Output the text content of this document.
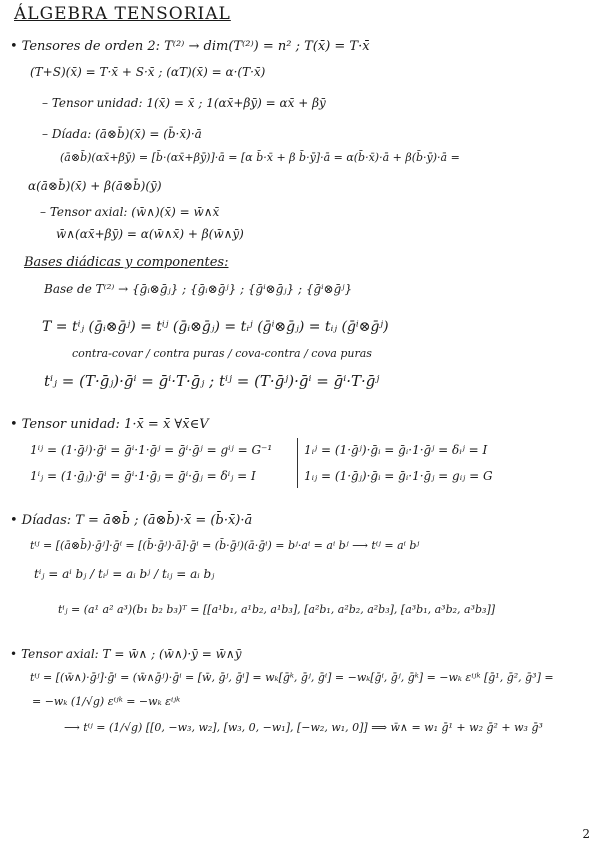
ÁLGEBRA TENSORIAL
• Tensores de orden 2: T⁽²⁾ → dim(T⁽²⁾) = n² ; T(x̄) = T·x̄
(T+S)(x̄) = T·x̄ + S·x̄ ; (αT)(x̄) = α·(T·x̄)
– Tensor unidad: 1(x̄) = x̄ ; 1(αx̄+βȳ) = αx̄ + βȳ
– Díada: (ā⊗b̄)(x̄) = (b̄·x̄)·ā
(ā⊗b̄)(αx̄+βȳ) = [b̄·(αx̄+βȳ)]·ā = [α b̄·x̄ + β b̄·ȳ]·ā = α(b̄·x̄)·ā + β(b̄·ȳ)·ā =
α(ā⊗b̄)(x̄) + β(ā⊗b̄)(ȳ)
– Tensor axial: (w̄∧)(x̄) = w̄∧x̄
w̄∧(αx̄+βȳ) = α(w̄∧x̄) + β(w̄∧ȳ)
Bases diádicas y componentes:
Base de T⁽²⁾ → {ḡᵢ⊗ḡⱼ} ; {ḡᵢ⊗ḡʲ} ; {ḡⁱ⊗ḡⱼ} ; {ḡⁱ⊗ḡʲ}
T = tⁱⱼ (ḡᵢ⊗ḡʲ) = tⁱʲ (ḡᵢ⊗ḡⱼ) = tᵢʲ (ḡⁱ⊗ḡⱼ) = tᵢⱼ (ḡⁱ⊗ḡʲ)
contra-covar / contra puras / cova-contra / cova puras
tⁱⱼ = (T·ḡⱼ)·ḡⁱ = ḡⁱ·T·ḡⱼ ; tⁱʲ = (T·ḡʲ)·ḡⁱ = ḡⁱ·T·ḡʲ
• Tensor unidad: 1·x̄ = x̄ ∀x̄∈V
1ⁱʲ = (1·ḡʲ)·ḡⁱ = ḡⁱ·1·ḡʲ = ḡⁱ·ḡʲ = gⁱʲ = G⁻¹
1ⁱⱼ = (1·ḡⱼ)·ḡⁱ = ḡⁱ·1·ḡⱼ = ḡⁱ·ḡⱼ = δⁱⱼ = I
1ᵢʲ = (1·ḡʲ)·ḡᵢ = ḡᵢ·1·ḡʲ = δᵢʲ = I
1ᵢⱼ = (1·ḡⱼ)·ḡᵢ = ḡᵢ·1·ḡⱼ = gᵢⱼ = G
• Díadas: T = ā⊗b̄ ; (ā⊗b̄)·x̄ = (b̄·x̄)·ā
tⁱʲ = [(ā⊗b̄)·ḡʲ]·ḡⁱ = [(b̄·ḡʲ)·ā]·ḡⁱ = (b̄·ḡʲ)(ā·ḡⁱ) = bʲ·aⁱ = aⁱ bʲ ⟶ tⁱʲ = aⁱ bʲ
tⁱⱼ = aⁱ bⱼ / tᵢʲ = aᵢ bʲ / tᵢⱼ = aᵢ bⱼ
tⁱⱼ = (a¹ a² a³)(b₁ b₂ b₃)ᵀ = [[a¹b₁, a¹b₂, a¹b₃], [a²b₁, a²b₂, a²b₃], [a³b₁, a³b₂, a³b₃]]
• Tensor axial: T = w̄∧ ; (w̄∧)·ȳ = w̄∧ȳ
tⁱʲ = [(w̄∧)·ḡʲ]·ḡⁱ = (w̄∧ḡʲ)·ḡⁱ = [w̄, ḡʲ, ḡⁱ] = wₖ[ḡᵏ, ḡʲ, ḡⁱ] = −wₖ[ḡⁱ, ḡʲ, ḡᵏ] = −wₖ εⁱʲᵏ [ḡ¹, ḡ², ḡ³] =
= −wₖ (1/√g) εⁱʲᵏ = −wₖ εⁱʲᵏ
⟶ tⁱʲ = (1/√g) [[0, −w₃, w₂], [w₃, 0, −w₁], [−w₂, w₁, 0]] ⟹ w̄∧ = w₁ ḡ¹ + w₂ ḡ² + w₃ ḡ³
2
